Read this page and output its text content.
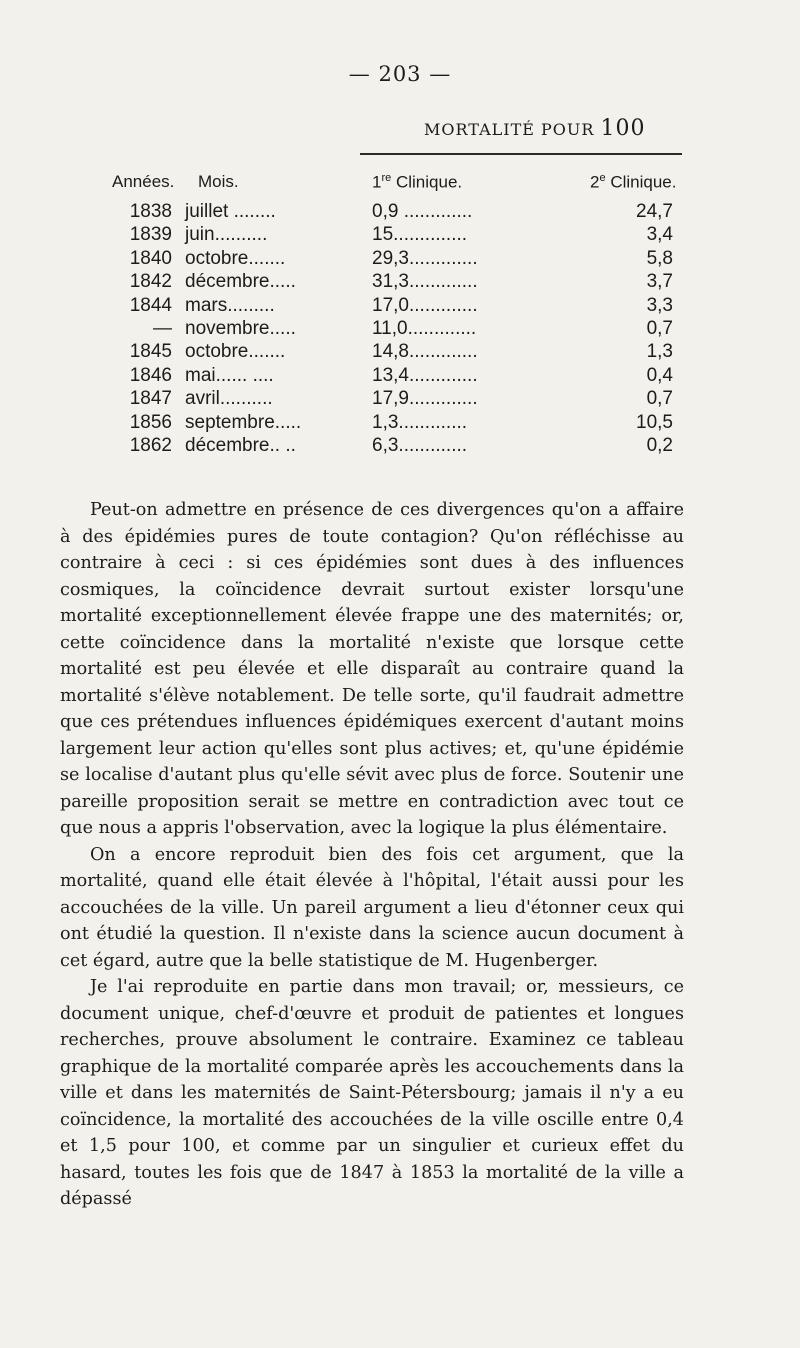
— 203 —
MORTALITÉ POUR 100
Années. Mois.	1re Clinique.	2e Clinique.
1838 juillet ........	0,9 .............	24,7
1839 juin..........	15..............	3,4
1840 octobre.......	29,3.............	5,8
1842 décembre.....	31,3.............	3,7
1844 mars.........	17,0.............	3,3
— novembre.....	11,0.............	0,7
1845 octobre.......	14,8.............	1,3
1846 mai...... ....	13,4.............	0,4
1847 avril..........	17,9.............	0,7
1856 septembre.....	1,3.............	10,5
1862 décembre.. ..	6,3.............	0,2

Peut-on admettre en présence de ces divergences qu'on a affaire à des épidémies pures de toute contagion? Qu'on réfléchisse au contraire à ceci : si ces épidémies sont dues à des influences cosmiques, la coïncidence devrait surtout exister lorsqu'une mortalité exceptionnellement élevée frappe une des maternités; or, cette coïncidence dans la mortalité n'existe que lorsque cette mortalité est peu élevée et elle disparaît au contraire quand la mortalité s'élève notablement. De telle sorte, qu'il faudrait admettre que ces prétendues influences épidémiques exercent d'autant moins largement leur action qu'elles sont plus actives; et, qu'une épidémie se localise d'autant plus qu'elle sévit avec plus de force. Soutenir une pareille proposition serait se mettre en contradiction avec tout ce que nous a appris l'observation, avec la logique la plus élémentaire.

On a encore reproduit bien des fois cet argument, que la mortalité, quand elle était élevée à l'hôpital, l'était aussi pour les accouchées de la ville. Un pareil argument a lieu d'étonner ceux qui ont étudié la question. Il n'existe dans la science aucun document à cet égard, autre que la belle statistique de M. Hugenberger.

Je l'ai reproduite en partie dans mon travail; or, messieurs, ce document unique, chef-d'œuvre et produit de patientes et longues recherches, prouve absolument le contraire. Examinez ce tableau graphique de la mortalité comparée après les accouchements dans la ville et dans les maternités de Saint-Pétersbourg; jamais il n'y a eu coïncidence, la mortalité des accouchées de la ville oscille entre 0,4 et 1,5 pour 100, et comme par un singulier et curieux effet du hasard, toutes les fois que de 1847 à 1853 la mortalité de la ville a dépassé
